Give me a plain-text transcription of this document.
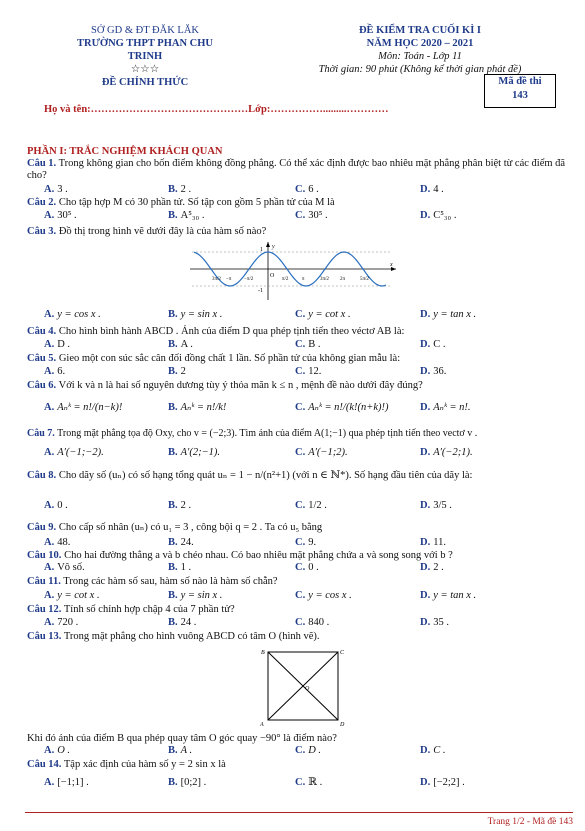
SỞ GD & ĐT ĐĂK LĂK
TRƯỜNG THPT PHAN CHU TRINH
☆☆☆
ĐỀ CHÍNH THỨC
ĐỀ KIỂM TRA CUỐI KÌ I
NĂM HỌC 2020 – 2021
Môn: Toán - Lớp 11
Thời gian: 90 phút (Không kể thời gian phát đề)
Mã đề thi
143
Họ và tên:………………………………………Lớp:…………….........…………
PHẦN I: TRẮC NGHIỆM KHÁCH QUAN
Câu 1. Trong không gian cho bốn điểm không đồng phẳng. Có thể xác định được bao nhiêu mặt phẳng phân biệt từ các điểm đã cho?
A. 3 .	B. 2 .	C. 6 .	D. 4 .
Câu 2. Cho tập hợp M có 30 phần tử. Số tập con gồm 5 phần tử của M là
A. 30⁵ .	B. A⁵₃₀ .	C. 30⁵ .	D. C⁵₃₀ .
Câu 3. Đồ thị trong hình vẽ dưới đây là của hàm số nào?
1
-1
O
x
y
3π/2 −π	−π/2	π/2	π	3π/2 2π	5π/2
A. y = cos x .	B. y = sin x .	C. y = cot x .	D. y = tan x .
Câu 4. Cho hình bình hành ABCD . Ảnh của điểm D qua phép tịnh tiến theo véctơ AB là:
A. D .	B. A .	C. B .	D. C .
Câu 5. Gieo một con súc sắc cân đối đồng chất 1 lần. Số phần tử của không gian mẫu là:
A. 6.	B. 2	C. 12.	D. 36.
Câu 6. Với k và n là hai số nguyên dương tùy ý thỏa mãn k ≤ n , mệnh đề nào dưới đây đúng?
A. Aₙᵏ = n!/(n−k)!	B. Aₙᵏ = n!/k!	C. Aₙᵏ = n!/(k!(n+k)!)	D. Aₙᵏ = n!.
Câu 7. Trong mặt phẳng tọa độ Oxy, cho v = (−2;3). Tìm ảnh của điểm A(1;−1) qua phép tịnh tiến theo vectơ v .
A. A′(−1;−2).	B. A′(2;−1).	C. A′(−1;2).	D. A′(−2;1).
Câu 8. Cho dãy số (uₙ) có số hạng tổng quát uₙ = 1 − n/(n²+1) (với n ∈ ℕ*). Số hạng đầu tiên của dãy là:
A. 0 .	B. 2 .	C. 1/2 .	D. 3/5 .
Câu 9. Cho cấp số nhân (uₙ) có u₁ = 3 , công bội q = 2 . Ta có u₅ bằng
A. 48.	B. 24.	C. 9.	D. 11.
Câu 10. Cho hai đường thẳng a và b chéo nhau. Có bao nhiêu mặt phẳng chứa a và song song với b ?
A. Vô số.	B. 1 .	C. 0 .	D. 2 .
Câu 11. Trong các hàm số sau, hàm số nào là hàm số chẵn?
A. y = cot x .	B. y = sin x .	C. y = cos x .	D. y = tan x .
Câu 12. Tính số chỉnh hợp chập 4 của 7 phần tử?
A. 720 .	B. 24 .	C. 840 .	D. 35 .
Câu 13. Trong mặt phẳng cho hình vuông ABCD có tâm O (hình vẽ).
B	C
A	D
O
Khi đó ảnh của điểm B qua phép quay tâm O góc quay −90° là điểm nào?
A. O .	B. A .	C. D .	D. C .
Câu 14. Tập xác định của hàm số y = 2 sin x là
A. [−1;1] .	B. [0;2] .	C. ℝ .	D. [−2;2] .
Trang 1/2 - Mã đề 143
